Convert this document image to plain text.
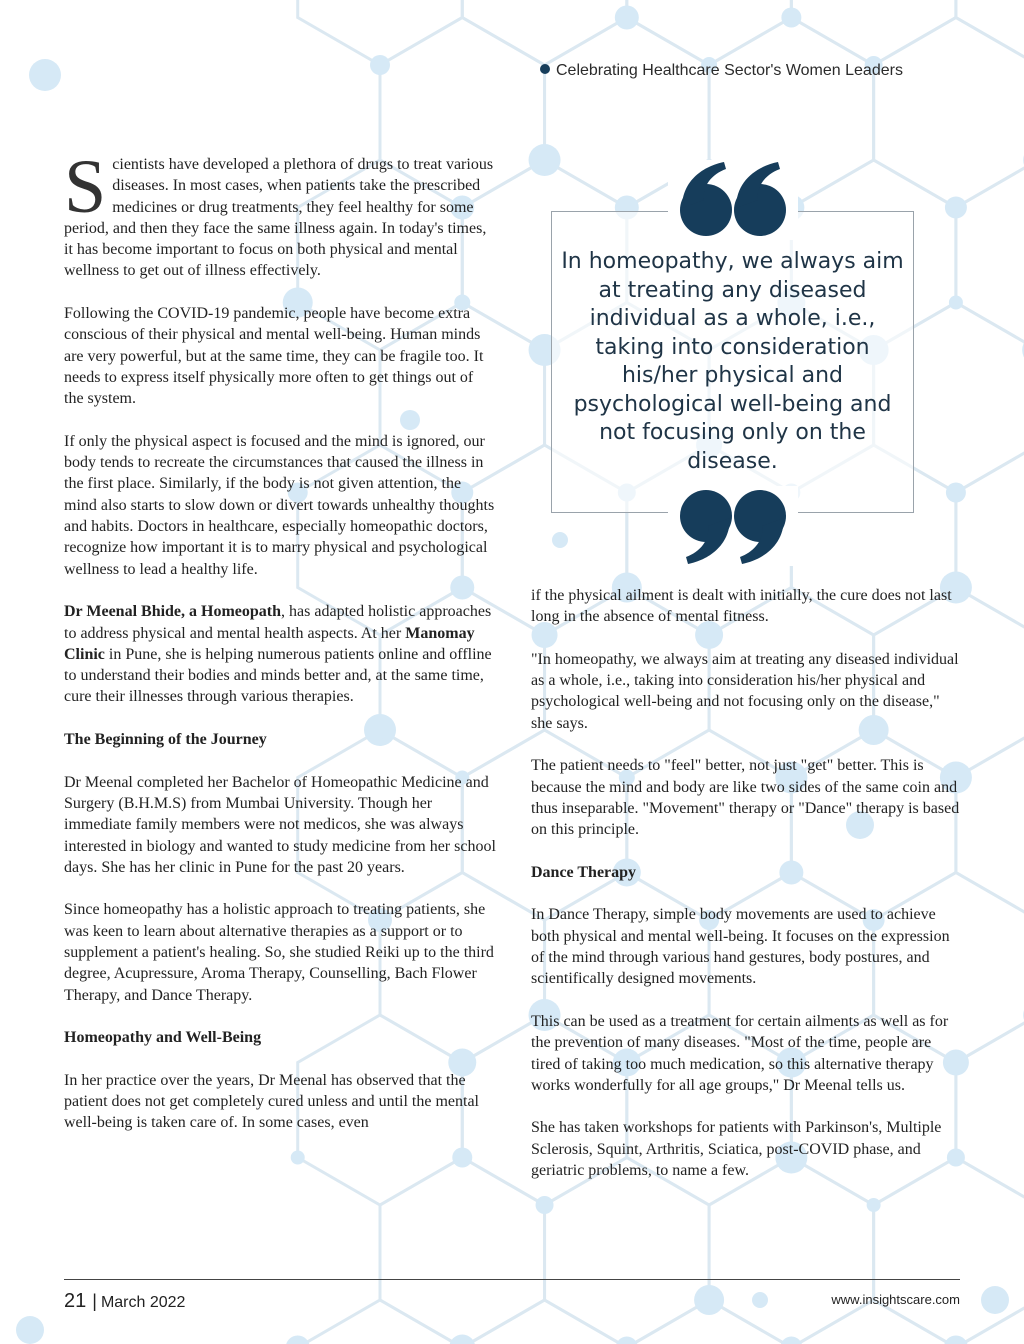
Celebrating Healthcare Sector's Women Leaders

Scientists have developed a plethora of drugs to treat various diseases. In most cases, when patients take the prescribed medicines or drug treatments, they feel healthy for some period, and then they face the same illness again. In today's times, it has become important to focus on both physical and mental wellness to get out of illness effectively.

Following the COVID-19 pandemic, people have become extra conscious of their physical and mental well-being. Human minds are very powerful, but at the same time, they can be fragile too. It needs to express itself physically more often to get things out of the system.

If only the physical aspect is focused and the mind is ignored, our body tends to recreate the circumstances that caused the illness in the first place. Similarly, if the body is not given attention, the mind also starts to slow down or divert towards unhealthy thoughts and habits. Doctors in healthcare, especially homeopathic doctors, recognize how important it is to marry physical and psychological wellness to lead a healthy life.

Dr Meenal Bhide, a Homeopath, has adapted holistic approaches to address physical and mental health aspects. At her Manomay Clinic in Pune, she is helping numerous patients online and offline to understand their bodies and minds better and, at the same time, cure their illnesses through various therapies.

The Beginning of the Journey

Dr Meenal completed her Bachelor of Homeopathic Medicine and Surgery (B.H.M.S) from Mumbai University. Though her immediate family members were not medicos, she was always interested in biology and wanted to study medicine from her school days. She has her clinic in Pune for the past 20 years.

Since homeopathy has a holistic approach to treating patients, she was keen to learn about alternative therapies as a support or to supplement a patient's healing. So, she studied Reiki up to the third degree, Acupressure, Aroma Therapy, Counselling, Bach Flower Therapy, and Dance Therapy.

Homeopathy and Well-Being

In her practice over the years, Dr Meenal has observed that the patient does not get completely cured unless and until the mental well-being is taken care of. In some cases, even

In homeopathy, we always aim at treating any diseased individual as a whole, i.e., taking into consideration his/her physical and psychological well-being and not focusing only on the disease.

if the physical ailment is dealt with initially, the cure does not last long in the absence of mental fitness.

"In homeopathy, we always aim at treating any diseased individual as a whole, i.e., taking into consideration his/her physical and psychological well-being and not focusing only on the disease," she says.

The patient needs to "feel" better, not just "get" better. This is because the mind and body are like two sides of the same coin and thus inseparable. "Movement" therapy or "Dance" therapy is based on this principle.

Dance Therapy

In Dance Therapy, simple body movements are used to achieve both physical and mental well-being. It focuses on the expression of the mind through various hand gestures, body postures, and scientifically designed movements.

This can be used as a treatment for certain ailments as well as for the prevention of many diseases. "Most of the time, people are tired of taking too much medication, so this alternative therapy works wonderfully for all age groups," Dr Meenal tells us.

She has taken workshops for patients with Parkinson's, Multiple Sclerosis, Squint, Arthritis, Sciatica, post-COVID phase, and geriatric problems, to name a few.

21 | March 2022	www.insightscare.com
